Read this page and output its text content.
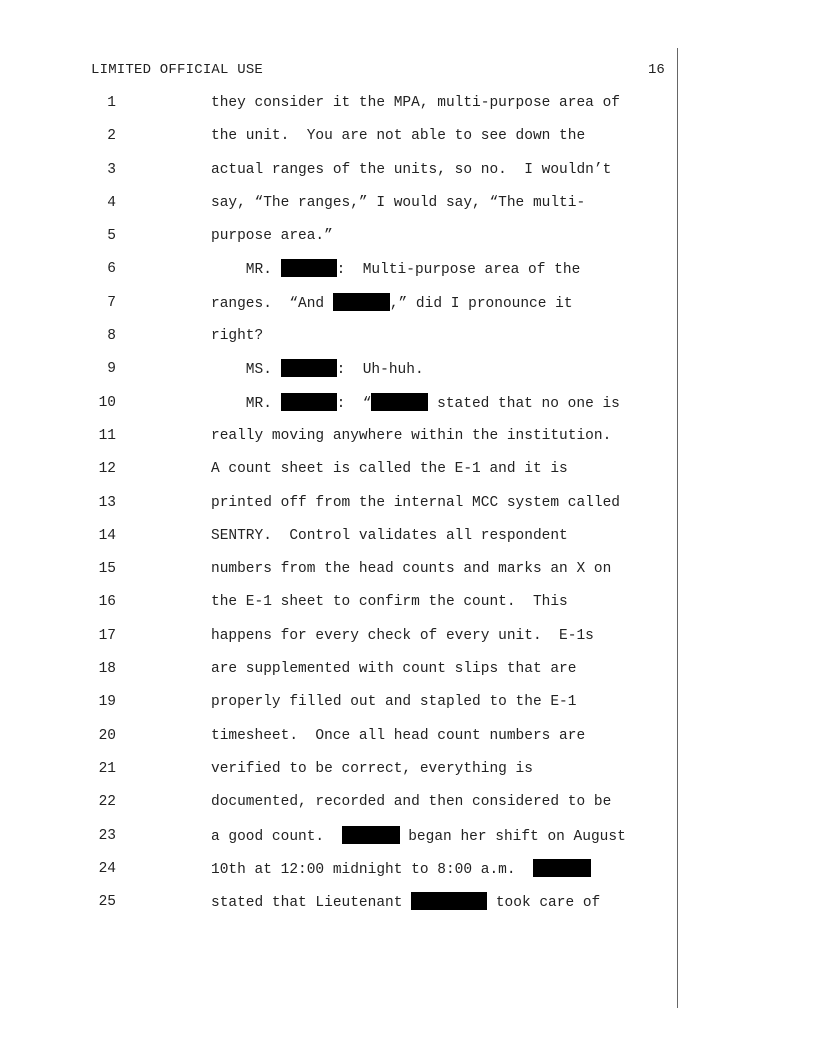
LIMITED OFFICIAL USE	16
1	they consider it the MPA, multi-purpose area of
2	the unit.  You are not able to see down the
3	actual ranges of the units, so no.  I wouldn’t
4	say, “The ranges,” I would say, “The multi-
5	purpose area.”
6	MR.	:  Multi-purpose area of the
7	ranges.  “And	,” did I pronounce it
8	right?
9	MS.	:  Uh-huh.
10	MR.	:  “	stated that no one is
11	really moving anywhere within the institution.
12	A count sheet is called the E-1 and it is
13	printed off from the internal MCC system called
14	SENTRY.  Control validates all respondent
15	numbers from the head counts and marks an X on
16	the E-1 sheet to confirm the count.  This
17	happens for every check of every unit.  E-1s
18	are supplemented with count slips that are
19	properly filled out and stapled to the E-1
20	timesheet.  Once all head count numbers are
21	verified to be correct, everything is
22	documented, recorded and then considered to be
23	a good count.	began her shift on August
24	10th at 12:00 midnight to 8:00 a.m.
25	stated that Lieutenant	took care of
